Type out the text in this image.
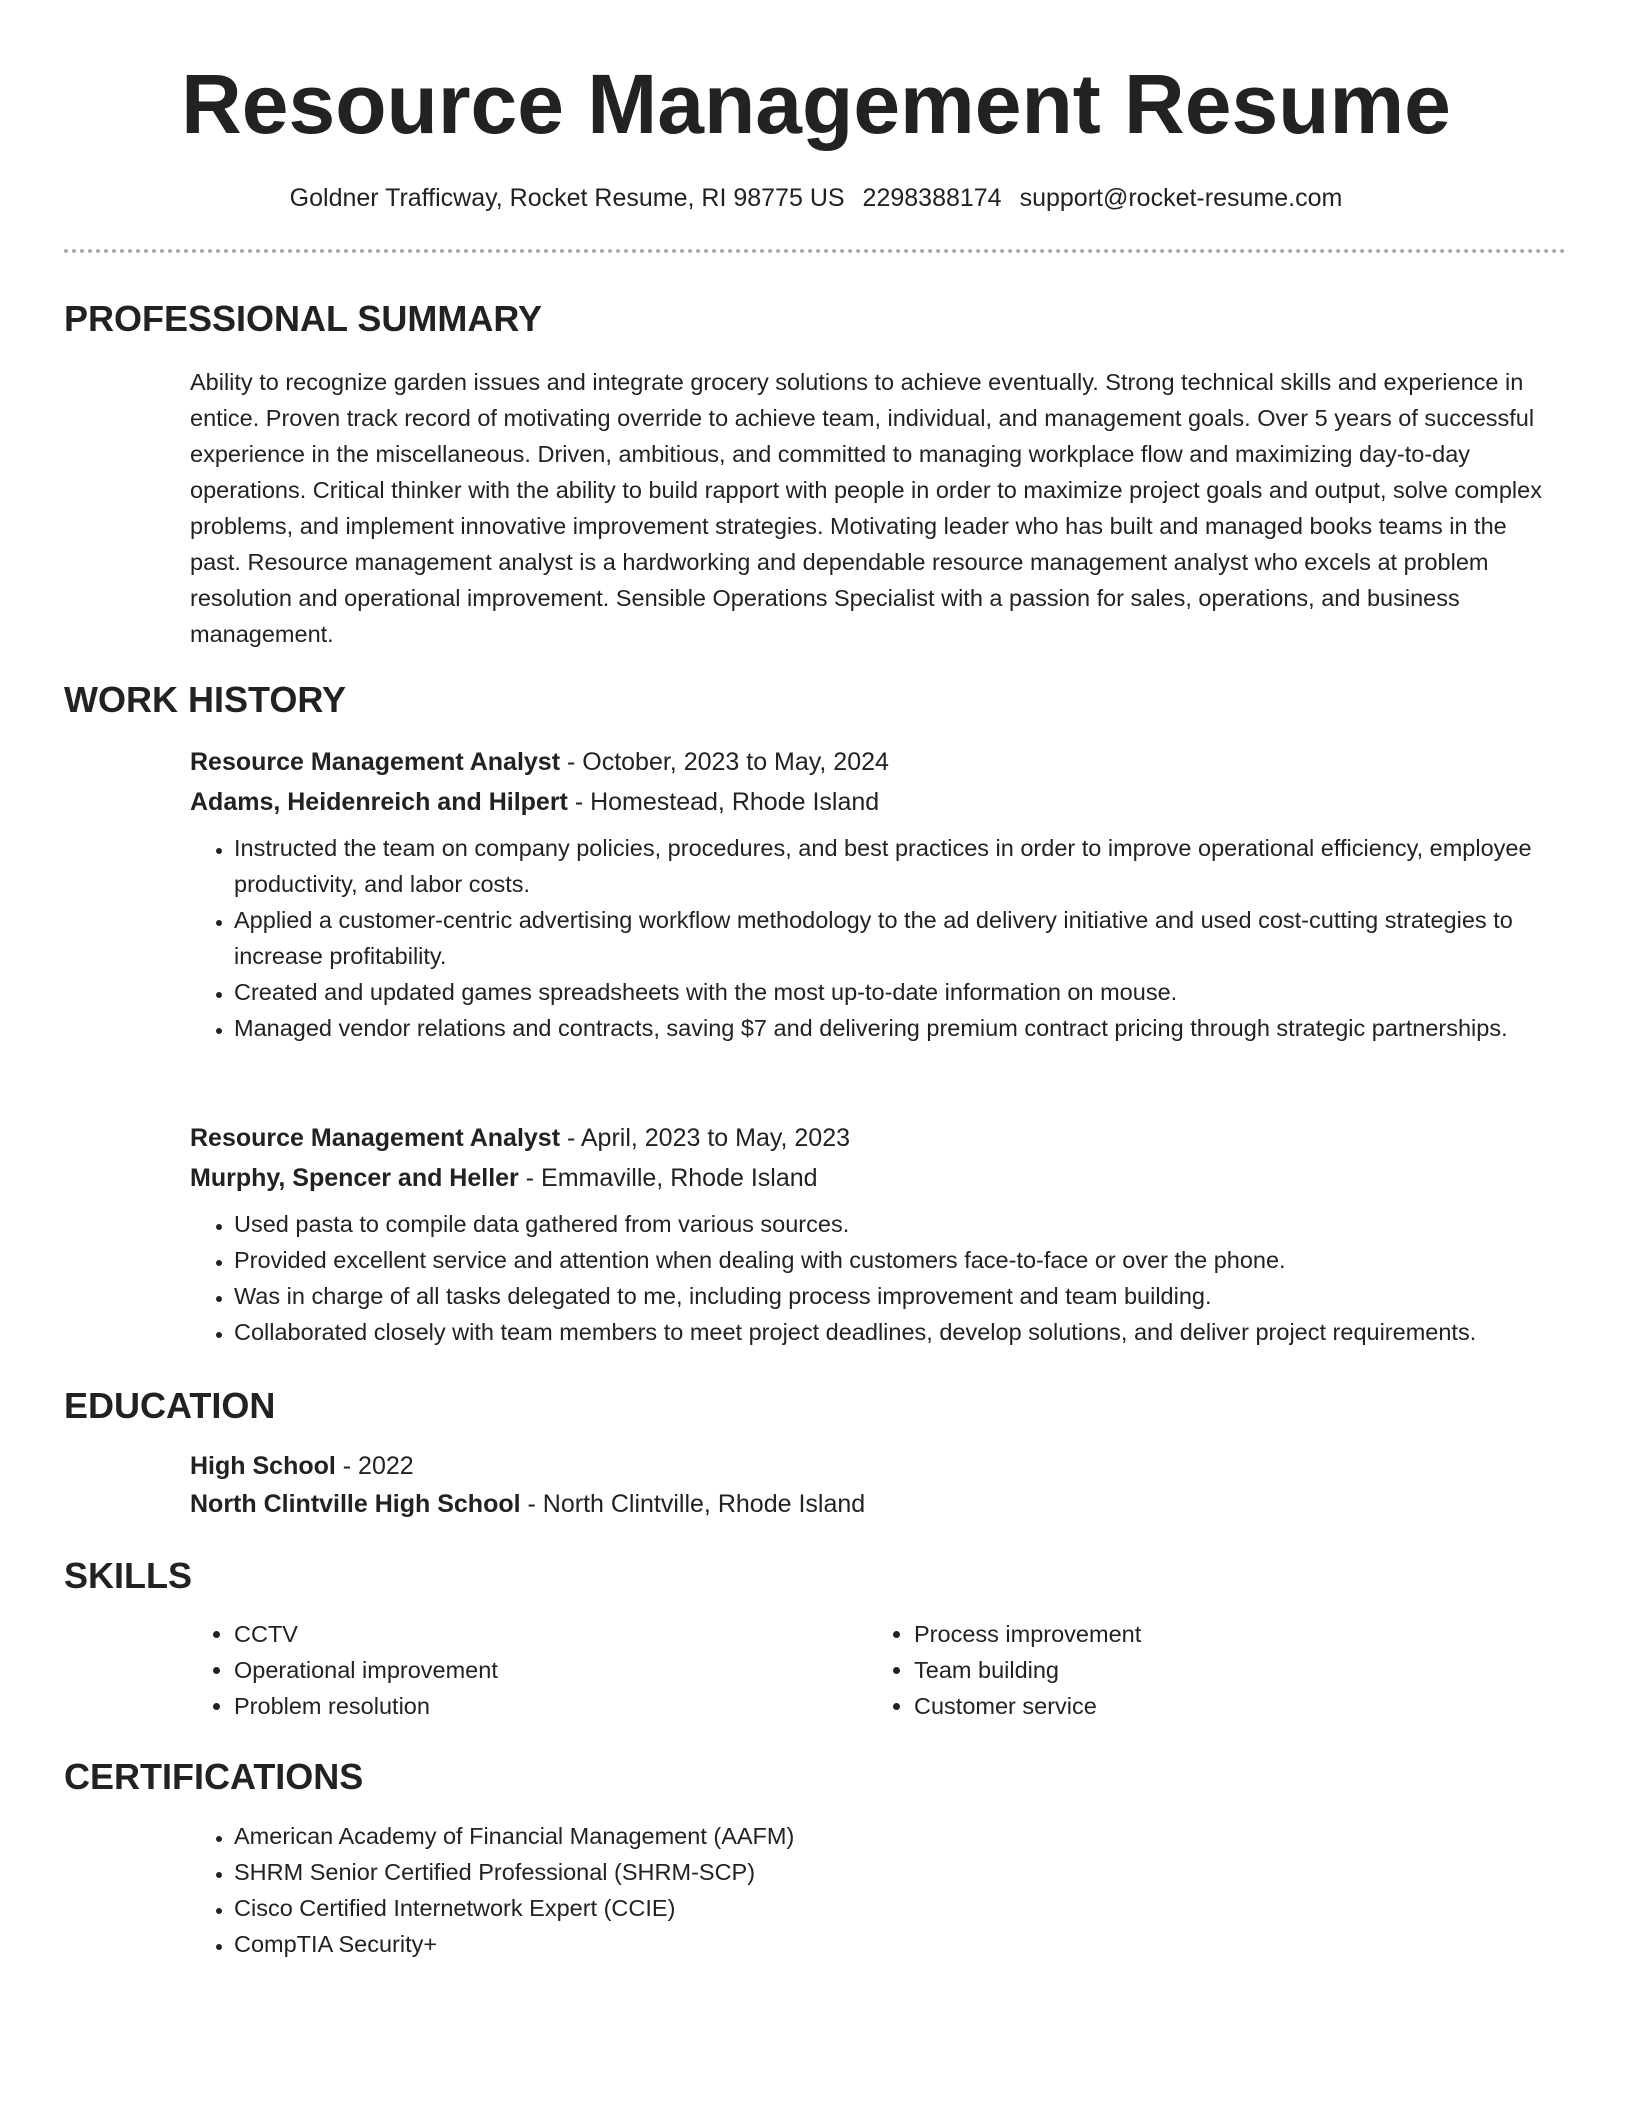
Resource Management Resume
Goldner Trafficway, Rocket Resume, RI 98775 US 2298388174 support@rocket-resume.com
PROFESSIONAL SUMMARY

Ability to recognize garden issues and integrate grocery solutions to achieve eventually. Strong technical skills and experience in entice. Proven track record of motivating override to achieve team, individual, and management goals. Over 5 years of successful experience in the miscellaneous. Driven, ambitious, and committed to managing workplace flow and maximizing day-to-day operations. Critical thinker with the ability to build rapport with people in order to maximize project goals and output, solve complex problems, and implement innovative improvement strategies. Motivating leader who has built and managed books teams in the past. Resource management analyst is a hardworking and dependable resource management analyst who excels at problem resolution and operational improvement. Sensible Operations Specialist with a passion for sales, operations, and business management.

WORK HISTORY

Resource Management Analyst - October, 2023 to May, 2024

Adams, Heidenreich and Hilpert - Homestead, Rhode Island

• Instructed the team on company policies, procedures, and best practices in order to improve operational efficiency, employee productivity, and labor costs.
• Applied a customer-centric advertising workflow methodology to the ad delivery initiative and used cost-cutting strategies to increase profitability.
• Created and updated games spreadsheets with the most up-to-date information on mouse.
• Managed vendor relations and contracts, saving $7 and delivering premium contract pricing through strategic partnerships.

Resource Management Analyst - April, 2023 to May, 2023

Murphy, Spencer and Heller - Emmaville, Rhode Island

• Used pasta to compile data gathered from various sources.
• Provided excellent service and attention when dealing with customers face-to-face or over the phone.
• Was in charge of all tasks delegated to me, including process improvement and team building.
• Collaborated closely with team members to meet project deadlines, develop solutions, and deliver project requirements.
EDUCATION

High School - 2022

North Clintville High School - North Clintville, Rhode Island

SKILLS
• CCTV
• Operational improvement
• Problem resolution
• Process improvement
• Team building
• Customer service
CERTIFICATIONS
• American Academy of Financial Management (AAFM)
• SHRM Senior Certified Professional (SHRM-SCP)
• Cisco Certified Internetwork Expert (CCIE)
• CompTIA Security+
